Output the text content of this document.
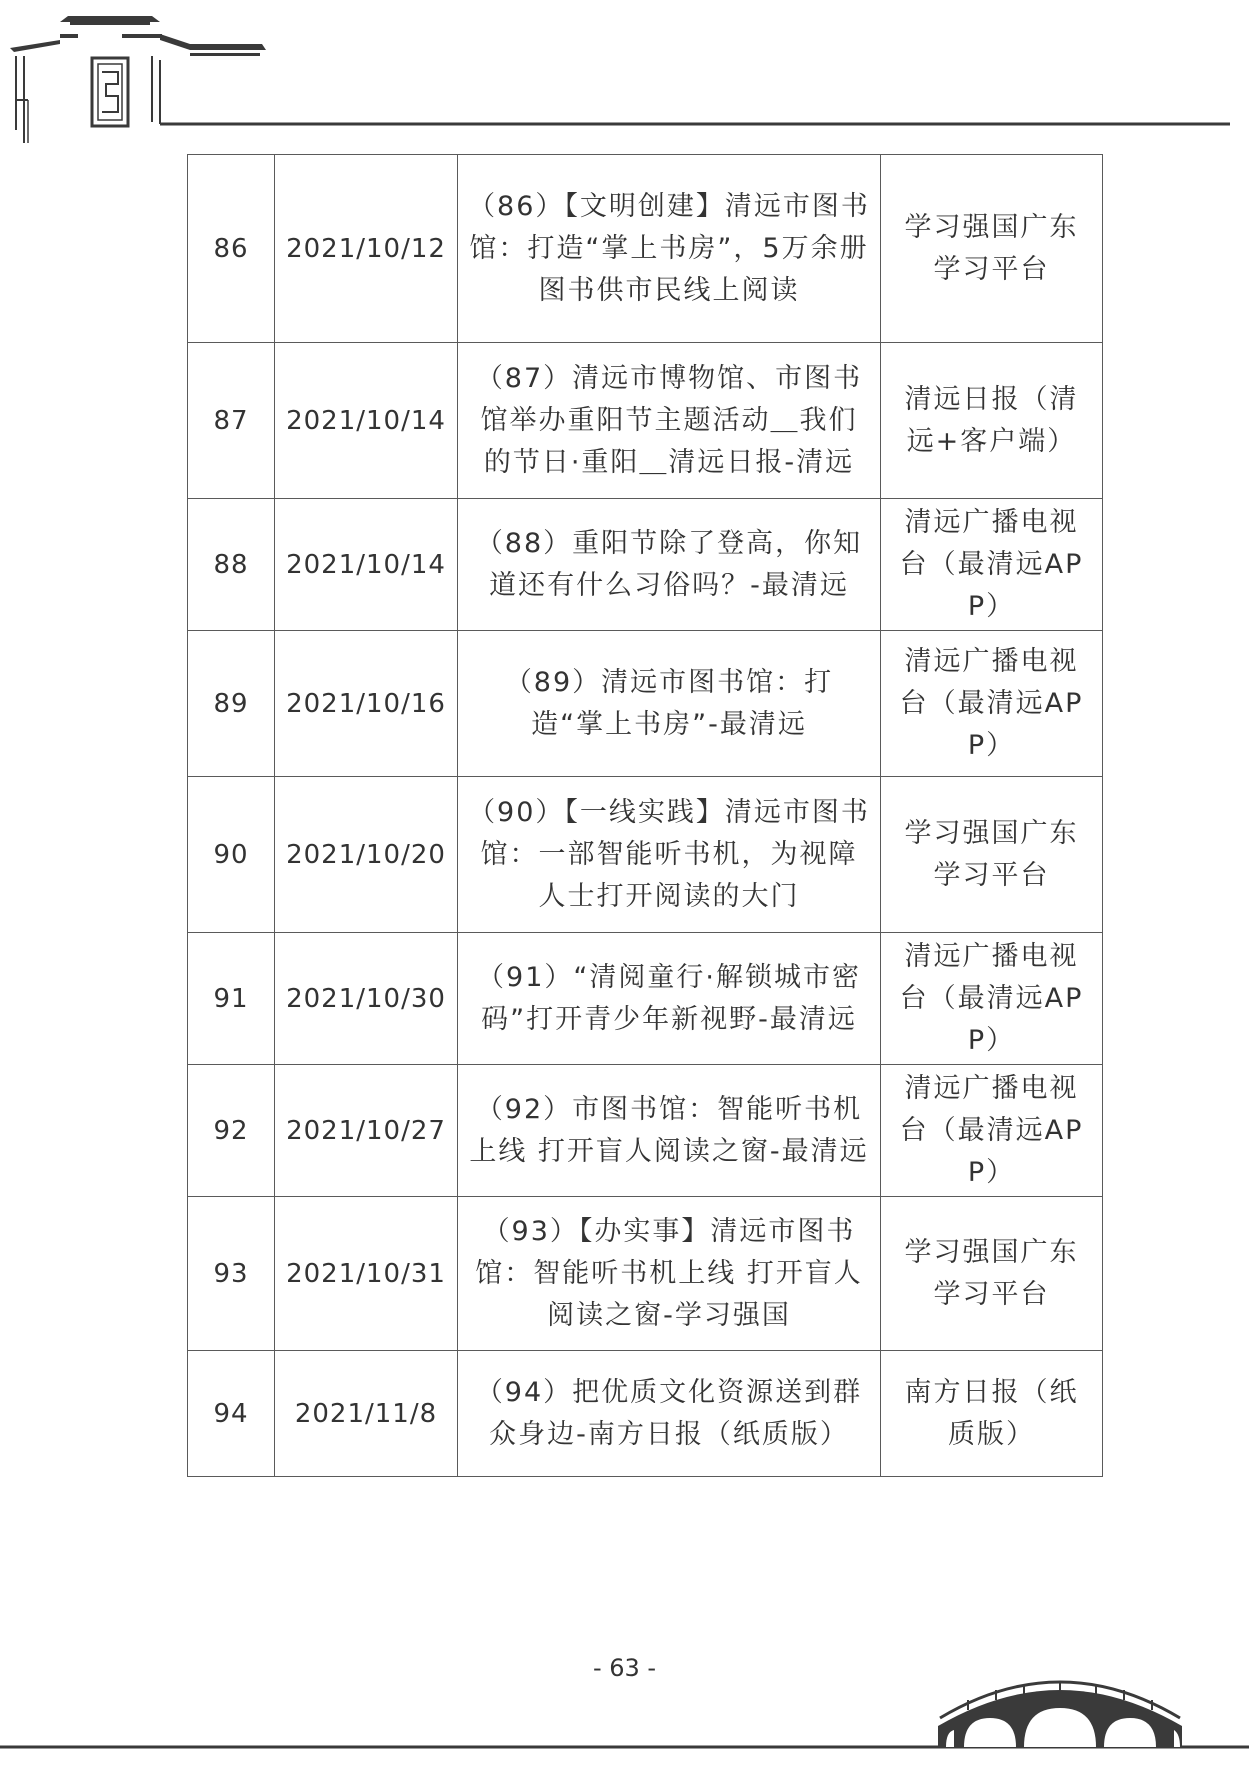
86	2021/10/12	（86）【文明创建】清远市图书馆：打造“掌上书房”，5万余册图书供市民线上阅读	学习强国广东学习平台
87	2021/10/14	（87）清远市博物馆、市图书馆举办重阳节主题活动＿我们的节日·重阳＿清远日报-清远	清远日报（清远+客户端）
88	2021/10/14	（88）重阳节除了登高，你知道还有什么习俗吗？-最清远	清远广播电视台（最清远APP）
89	2021/10/16	（89）清远市图书馆：打造“掌上书房”-最清远	清远广播电视台（最清远APP）
90	2021/10/20	（90）【一线实践】清远市图书馆：一部智能听书机，为视障人士打开阅读的大门	学习强国广东学习平台
91	2021/10/30	（91）“清阅童行·解锁城市密码”打开青少年新视野-最清远	清远广播电视台（最清远APP）
92	2021/10/27	（92）市图书馆：智能听书机上线 打开盲人阅读之窗-最清远	清远广播电视台（最清远APP）
93	2021/10/31	（93）【办实事】清远市图书馆：智能听书机上线 打开盲人阅读之窗-学习强国	学习强国广东学习平台
94	2021/11/8	（94）把优质文化资源送到群众身边-南方日报（纸质版）	南方日报（纸质版）
- 63 -
